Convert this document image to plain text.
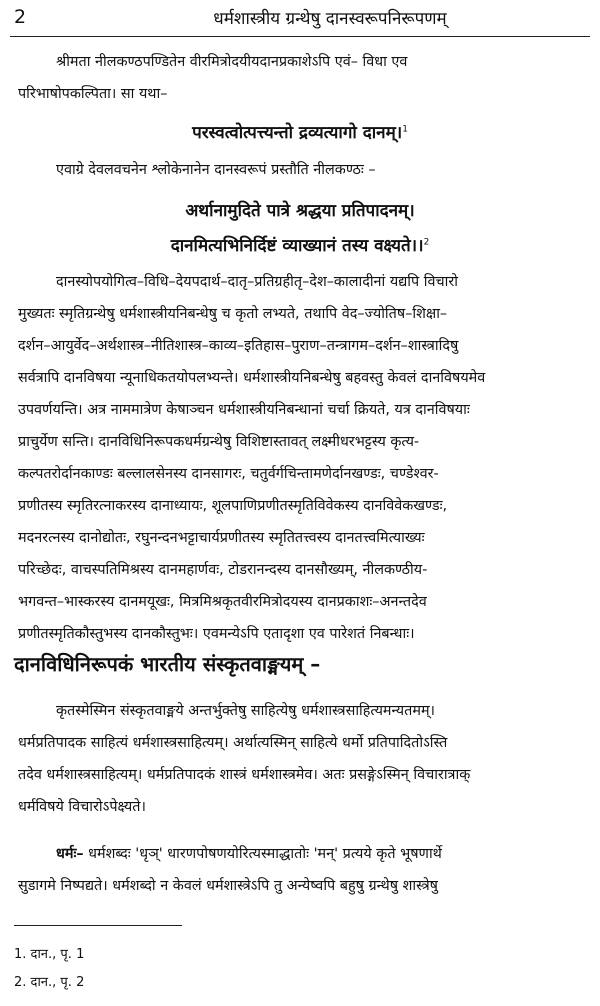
2	धर्मशास्त्रीय ग्रन्थेषु दानस्वरूपनिरूपणम्
श्रीमता नीलकण्ठपण्डितेन वीरमित्रोदयीयदानप्रकाशेऽपि एवं– विधा एव
परिभाषोपकल्पिता। सा यथा–
परस्वत्वोत्पत्त्यन्तो द्रव्यत्यागो दानम्।$^1$
एवाग्रे देवलवचनेन श्लोकेनानेन दानस्वरूपं प्रस्तौति नीलकण्ठः –
अर्थानामुदिते पात्रे श्रद्धया प्रतिपादनम्।
दानमित्यभिनिर्दिष्टं व्याख्यानं तस्य वक्ष्यते।।$^2$
दानस्योपयोगित्व–विधि–देयपदार्थ–दातृ–प्रतिग्रहीतृ–देश–कालादीनां यद्यपि विचारो
मुख्यतः स्मृतिग्रन्थेषु धर्मशास्त्रीयनिबन्धेषु च कृतो लभ्यते, तथापि वेद–ज्योतिष–शिक्षा–
दर्शन–आयुर्वेद–अर्थशास्त्र–नीतिशास्त्र–काव्य–इतिहास–पुराण–तन्त्रागम–दर्शन–शास्त्रादिषु
सर्वत्रापि दानविषया न्यूनाधिकतयोपलभ्यन्ते। धर्मशास्त्रीयनिबन्धेषु बहवस्तु केवलं दानविषयमेव
उपवर्णयन्ति। अत्र नाममात्रेण केषाञ्चन धर्मशास्त्रीयनिबन्धानां चर्चा क्रियते, यत्र दानविषयाः
प्राचुर्येण सन्ति। दानविधिनिरूपकधर्मग्रन्थेषु विशिष्टास्तावत् लक्ष्मीधरभट्टस्य कृत्य-
कल्पतरोर्दानकाण्डः बल्लालसेनस्य दानसागरः, चतुर्वर्गचिन्तामणेर्दानखण्डः, चण्डेश्वर-
प्रणीतस्य स्मृतिरत्नाकरस्य दानाध्यायः, शूलपाणिप्रणीतस्मृतिविवेकस्य दानविवेकखण्डः,
मदनरत्नस्य दानोद्योतः, रघुनन्दनभट्टाचार्यप्रणीतस्य स्मृतितत्त्वस्य दानतत्त्वमित्याख्यः
परिच्छेदः, वाचस्पतिमिश्रस्य दानमहार्णवः, टोडरानन्दस्य दानसौख्यम्, नीलकण्ठीय-
भगवन्त–भास्करस्य दानमयूखः, मित्रमिश्रकृतवीरमित्रोदयस्य दानप्रकाशः–अनन्तदेव
प्रणीतस्मृतिकौस्तुभस्य दानकौस्तुभः। एवमन्येऽपि एतादृशा एव पारेशतं निबन्धाः।
दानविधिनिरूपकं भारतीय संस्कृतवाङ्मयम् –
कृतस्मेस्मिन संस्कृतवाङ्मये अन्तर्भुक्तेषु साहित्येषु धर्मशास्त्रसाहित्यमन्यतमम्।
धर्मप्रतिपादक साहित्यं धर्मशास्त्रसाहित्यम्। अर्थात्यस्मिन् साहित्ये धर्मो प्रतिपादितोऽस्ति
तदेव धर्मशास्त्रसाहित्यम्। धर्मप्रतिपादकं शास्त्रं धर्मशास्त्रमेव। अतः प्रसङ्गेऽस्मिन् विचारात्राक्
धर्मविषये विचारोऽपेक्ष्यते।
धर्मः– धर्मशब्दः 'धृञ्' धारणपोषणयोरित्यस्माद्धातोः 'मन्' प्रत्यये कृते भूषणार्थे
सुडागमे निष्पद्यते। धर्मशब्दो न केवलं धर्मशास्त्रेऽपि तु अन्येष्वपि बहुषु ग्रन्थेषु शास्त्रेषु
1. दान., पृ. 1
2. दान., पृ. 2
